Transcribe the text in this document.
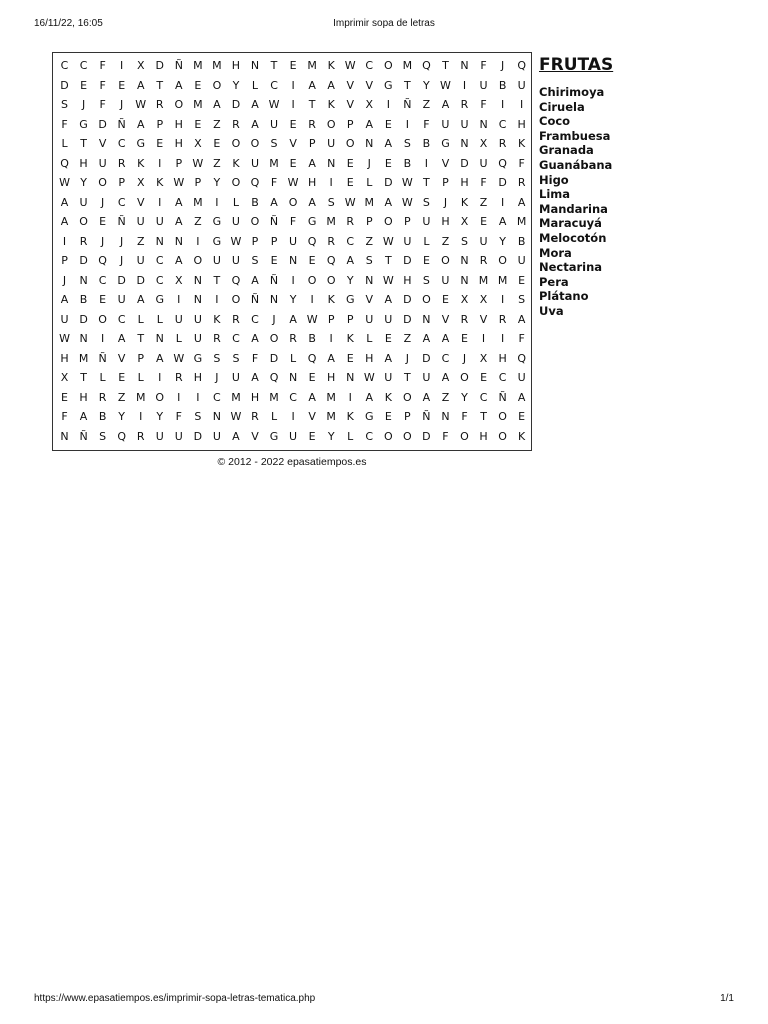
16/11/22, 16:05	Imprimir sopa de letras
C	C	F	I	X	D Ñ M M H N	T	E M K W C O M Q	T	N	F	J	Q
D	E	F	E	A	T	A	E	O	Y	L	C	I	A	A	V	V	G	T	Y W	I	U	B	U
S	J	F	J	W R O M A	D	A W	I	T	K	V	X	I	Ñ	Z	A	R	F	I	I
F	G D Ñ	A	P	H	E	Z	R	A	U	E	R O	P	A	E	I	F	U U N	C	H
L	T	V	C G	E	H	X	E	O O	S	V	P	U O N	A	S	B	G N	X	R	K
Q H U	R	K	I	P W Z	K	U M E	A	N	E	J	E	B	I	V	D U Q	F
W Y	O	P	X	K W P	Y	O Q	F W H	I	E	L	D W T	P	H	F	D R
A	U	J	C	V	I	A M	I	L	B	A O A	S W M A W S	J	K	Z	I	A
A O	E	Ñ U U	A	Z	G U O Ñ	F	G M R	P	O	P	U H	X	E	A M
I	R	J	J	Z	N N	I	G W P	P	U Q R	C	Z W U	L	Z	S	U	Y	B
P	D Q	J	U	C	A O U U	S	E	N	E	Q A	S	T	D	E	O N	R O U
J	N	C D D C	X	N	T	Q A	Ñ	I	O O	Y	N W H	S	U N M M E
A	B	E	U	A	G	I	N	I	O Ñ N	Y	I	K	G	V	A	D O	E	X	X	I	S
U D O C	L	L	U U	K	R	C	J	A W P	P	U U D N	V	R	V	R	A
W N	I	A	T	N	L	U	R	C	A O R	B	I	K	L	E	Z	A	A	E	I	I	F
H M Ñ	V	P	A W G	S	S	F	D	L	Q A	E	H	A	J	D C	J	X	H Q
X	T	L	E	L	I	R	H	J	U	A Q N	E	H N W U	T	U	A O	E	C	U
E	H	R	Z M O	I	I	C M H M C	A M	I	A	K	O A	Z	Y	C	Ñ	A
F	A	B	Y	I	Y	F	S	N W R	L	I	V M K	G	E	P	Ñ N	F	T	O	E
N Ñ	S	Q R	U U D U	A	V	G U	E	Y	L	C O O D	F	O H O	K
© 2012 - 2022 epasatiempos.es
FRUTAS
Chirimoya
Ciruela
Coco
Frambuesa
Granada
Guanábana
Higo
Lima
Mandarina
Maracuyá
Melocotón
Mora
Nectarina
Pera
Plátano
Uva
https://www.epasatiempos.es/imprimir-sopa-letras-tematica.php	1/1
